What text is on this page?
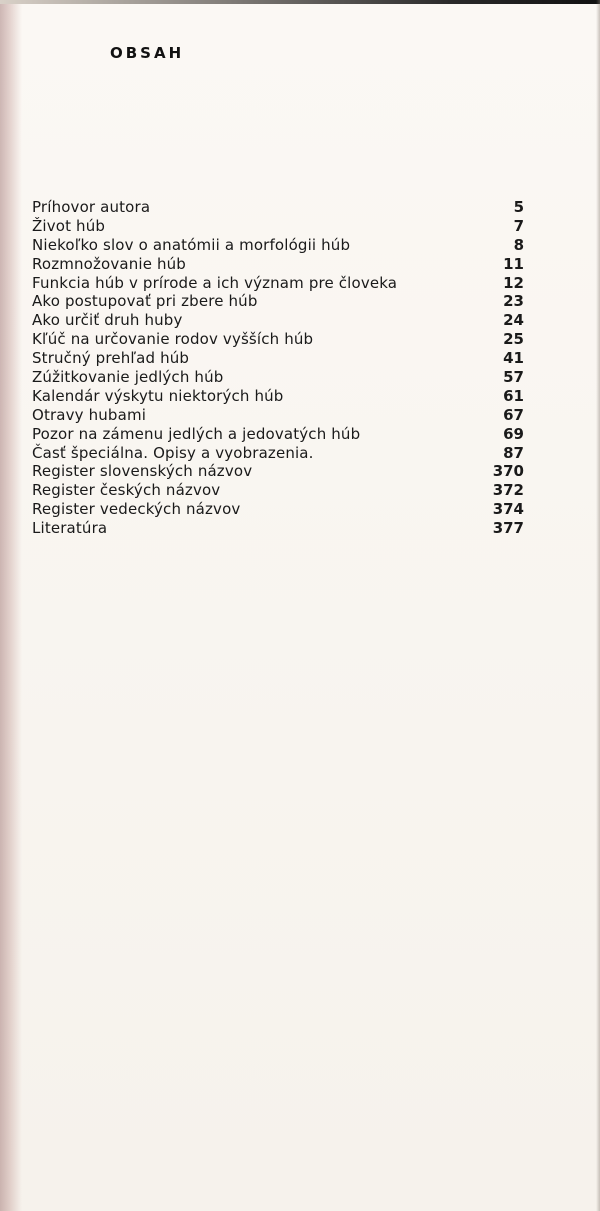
OBSAH
Príhovor autora	5
Život húb	7
Niekoľko slov o anatómii a morfológii húb	8
Rozmnožovanie húb	11
Funkcia húb v prírode a ich význam pre človeka	12
Ako postupovať pri zbere húb	23
Ako určiť druh huby	24
Kľúč na určovanie rodov vyšších húb	25
Stručný prehľad húb	41
Zúžitkovanie jedlých húb	57
Kalendár výskytu niektorých húb	61
Otravy hubami	67
Pozor na zámenu jedlých a jedovatých húb	69
Časť špeciálna. Opisy a vyobrazenia.	87
Register slovenských názvov	370
Register českých názvov	372
Register vedeckých názvov	374
Literatúra	377
